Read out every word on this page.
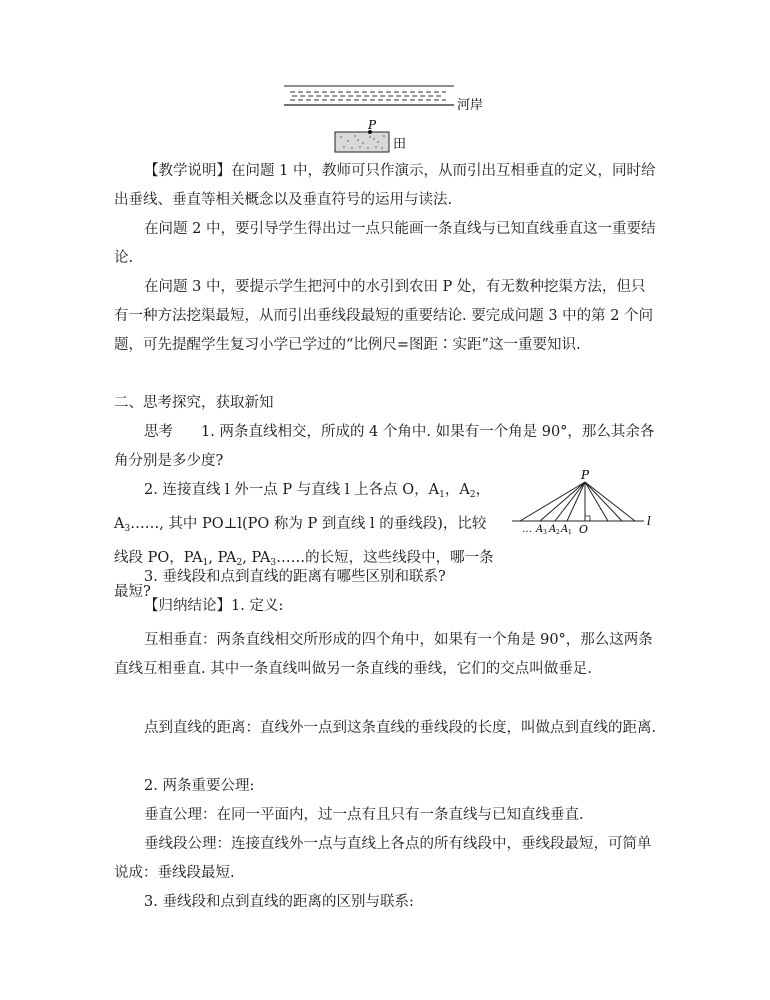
河岸
P
田

【教学说明】在问题 1 中，教师可只作演示，从而引出互相垂直的定义，同时给出垂线、垂直等相关概念以及垂直符号的运用与读法.

在问题 2 中，要引导学生得出过一点只能画一条直线与已知直线垂直这一重要结论.

在问题 3 中，要提示学生把河中的水引到农田 P 处，有无数种挖渠方法，但只有一种方法挖渠最短，从而引出垂线段最短的重要结论. 要完成问题 3 中的第 2 个问题，可先提醒学生复习小学已学过的“比例尺=图距∶实距”这一重要知识.

二、思考探究，获取新知

思考 1. 两条直线相交，所成的 4 个角中. 如果有一个角是 90°，那么其余各角分别是多少度?

2. 连接直线 l 外一点 P 与直线 l 上各点 O，$A_1$，$A_2$，$A_3\dots\dots$, 其中 PO⊥l(PO 称为 P 到直线 l 的垂线段)，比较线段 PO，$PA_1$, $PA_2$, $PA_3\dots\dots$的长短，这些线段中，哪一条最短?

P
l
… A 3 A 2 A 1 O

3. 垂线段和点到直线的距离有哪些区别和联系?

【归纳结论】1. 定义:

互相垂直：两条直线相交所形成的四个角中，如果有一个角是 90°，那么这两条直线互相垂直. 其中一条直线叫做另一条直线的垂线，它们的交点叫做垂足.

点到直线的距离：直线外一点到这条直线的垂线段的长度，叫做点到直线的距离.

2. 两条重要公理:

垂直公理：在同一平面内，过一点有且只有一条直线与已知直线垂直.

垂线段公理：连接直线外一点与直线上各点的所有线段中，垂线段最短，可简单说成：垂线段最短.

3. 垂线段和点到直线的距离的区别与联系:
